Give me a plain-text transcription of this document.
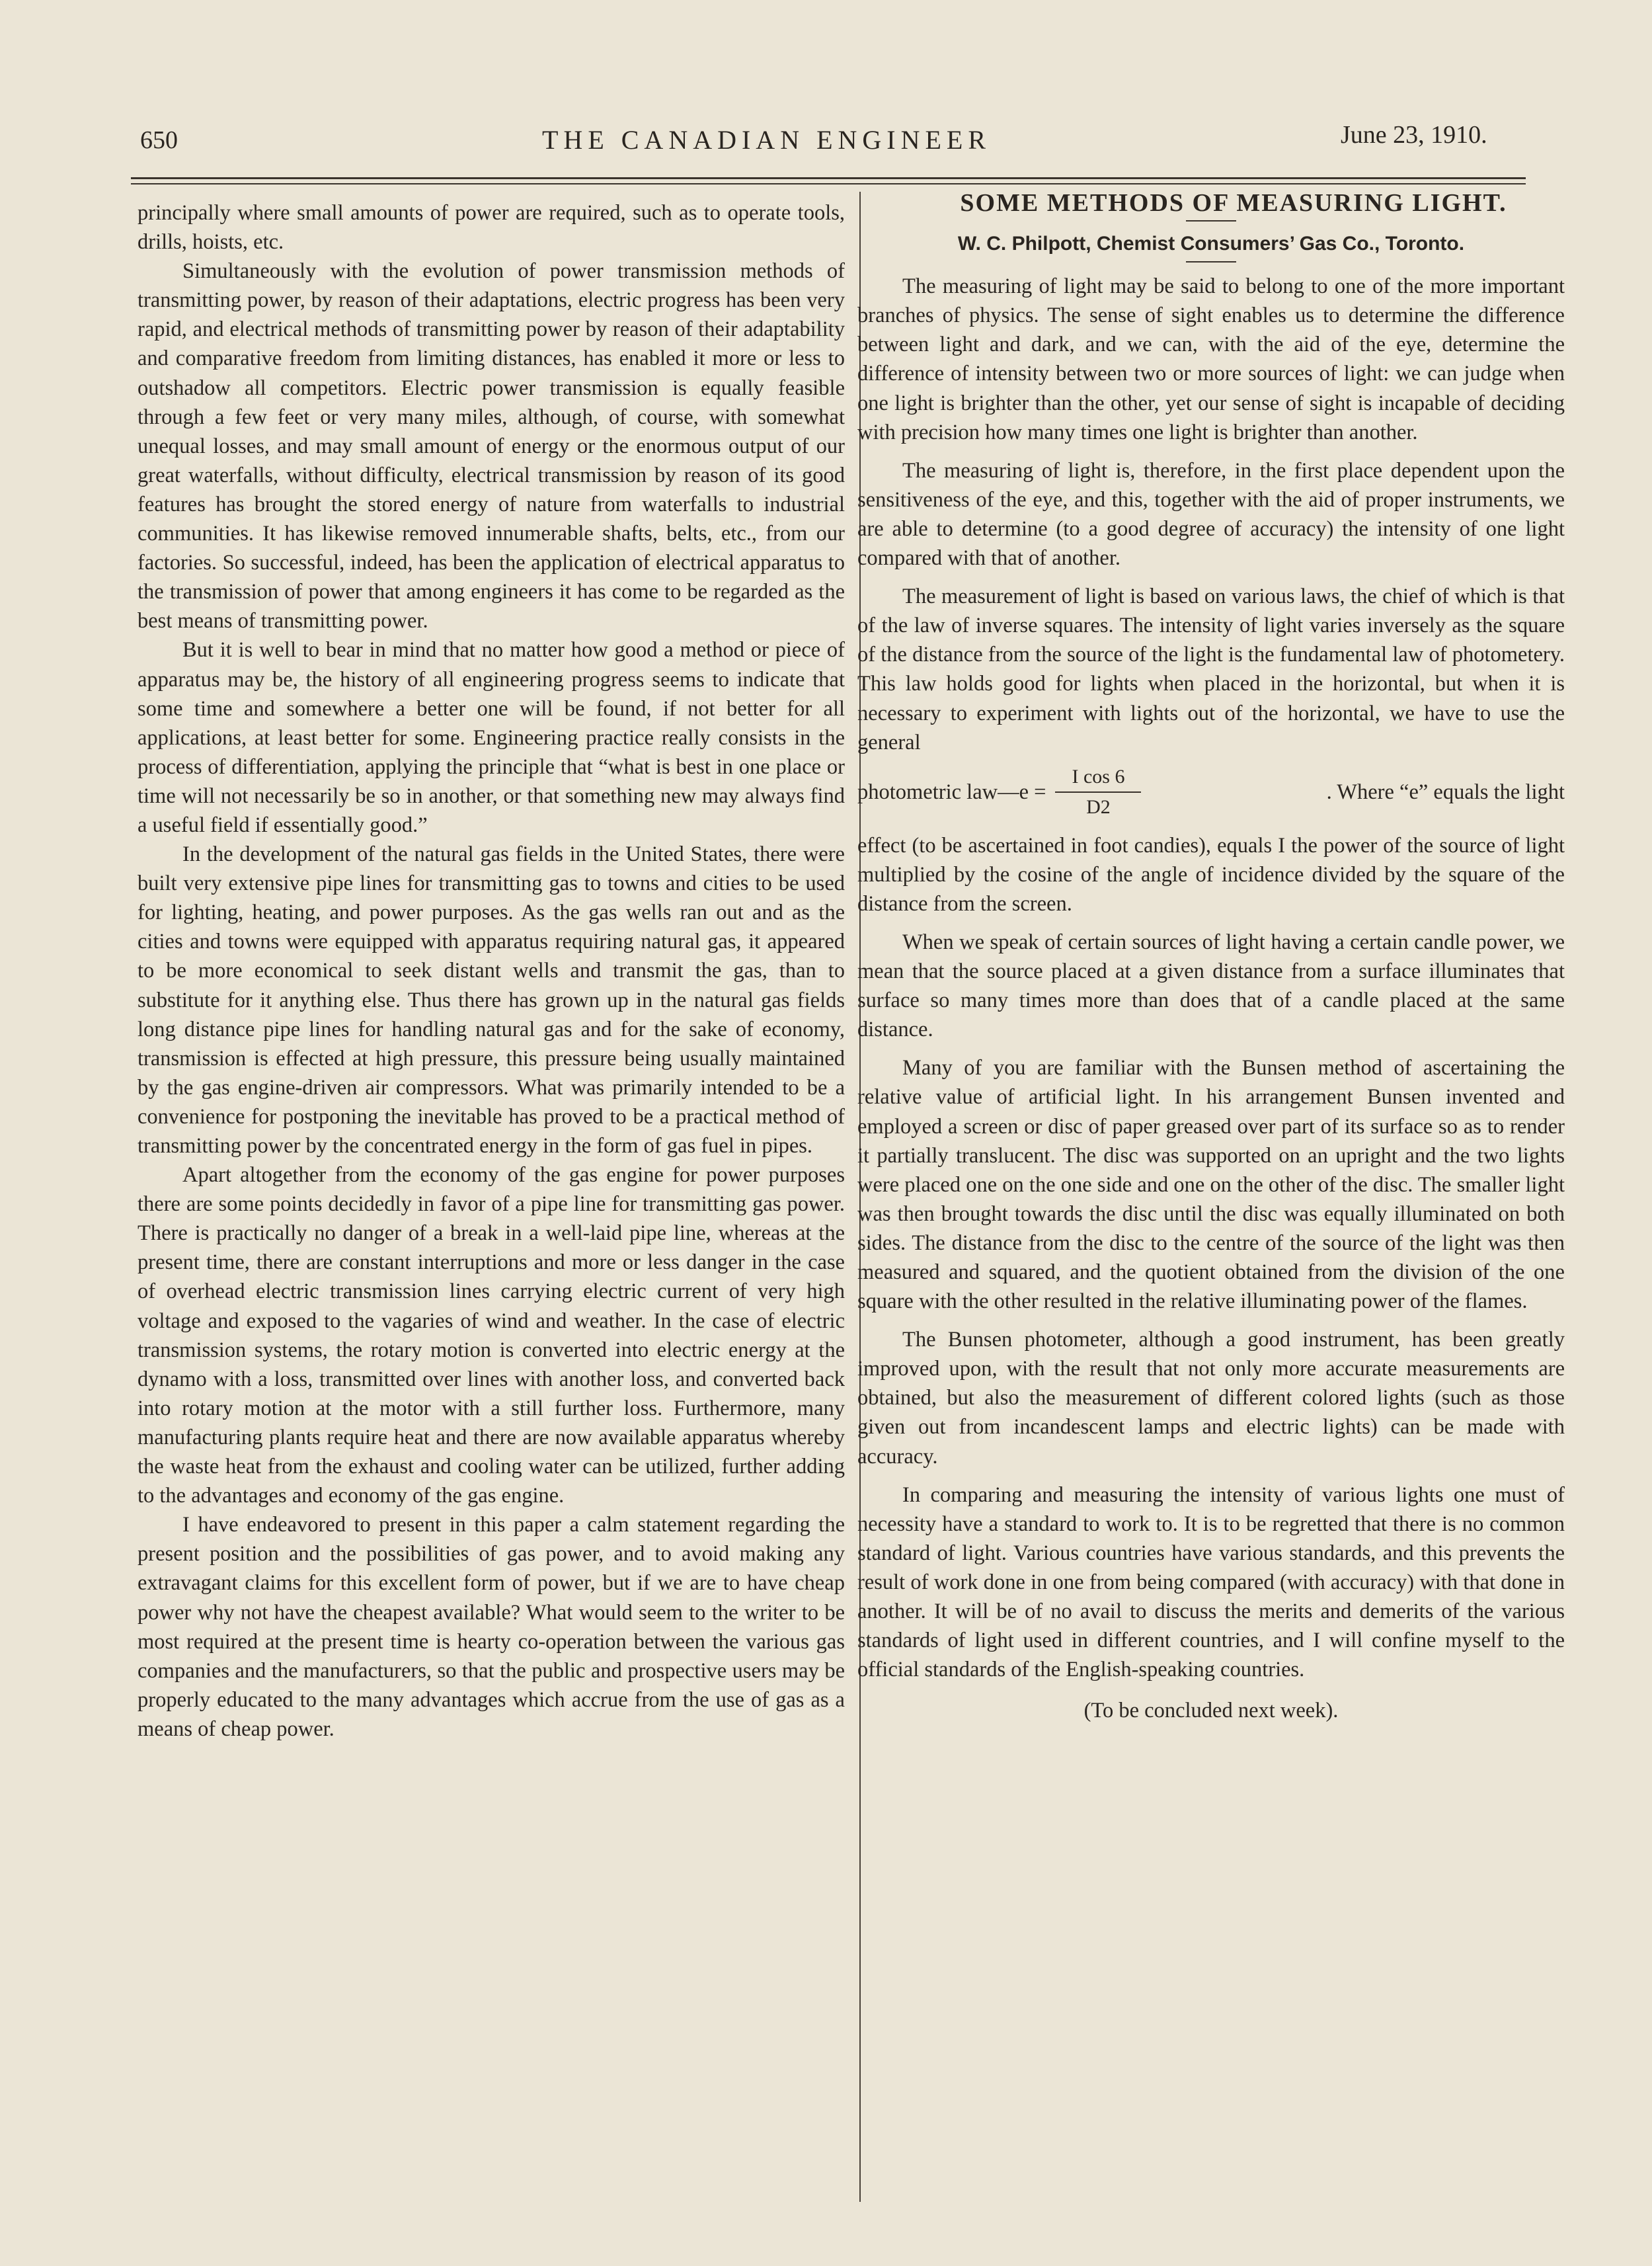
650	THE CANADIAN ENGINEER	June 23, 1910.

principally where small amounts of power are required, such as to operate tools, drills, hoists, etc.

Simultaneously with the evolution of power transmission methods of transmitting power, by reason of their adaptations, electric progress has been very rapid, and electrical methods of transmitting power by reason of their adaptability and comparative freedom from limiting distances, has enabled it more or less to outshadow all competitors. Electric power transmission is equally feasible through a few feet or very many miles, although, of course, with somewhat unequal losses, and may small amount of energy or the enormous output of our great waterfalls, without difficulty, electrical transmission by reason of its good features has brought the stored energy of nature from waterfalls to industrial communities. It has likewise removed innumerable shafts, belts, etc., from our factories. So successful, indeed, has been the application of electrical apparatus to the transmission of power that among engineers it has come to be regarded as the best means of transmitting power.

But it is well to bear in mind that no matter how good a method or piece of apparatus may be, the history of all engineering progress seems to indicate that some time and somewhere a better one will be found, if not better for all applications, at least better for some. Engineering practice really consists in the process of differentiation, applying the principle that “what is best in one place or time will not necessarily be so in another, or that something new may always find a useful field if essentially good.”

In the development of the natural gas fields in the United States, there were built very extensive pipe lines for transmitting gas to towns and cities to be used for lighting, heating, and power purposes. As the gas wells ran out and as the cities and towns were equipped with apparatus requiring natural gas, it appeared to be more economical to seek distant wells and transmit the gas, than to substitute for it anything else. Thus there has grown up in the natural gas fields long distance pipe lines for handling natural gas and for the sake of economy, transmission is effected at high pressure, this pressure being usually maintained by the gas engine-driven air compressors. What was primarily intended to be a convenience for postponing the inevitable has proved to be a practical method of transmitting power by the concentrated energy in the form of gas fuel in pipes.

Apart altogether from the economy of the gas engine for power purposes there are some points decidedly in favor of a pipe line for transmitting gas power. There is practically no danger of a break in a well-laid pipe line, whereas at the present time, there are constant interruptions and more or less danger in the case of overhead electric transmission lines carrying electric current of very high voltage and exposed to the vagaries of wind and weather. In the case of electric transmission systems, the rotary motion is converted into electric energy at the dynamo with a loss, transmitted over lines with another loss, and converted back into rotary motion at the motor with a still further loss. Furthermore, many manufacturing plants require heat and there are now available apparatus whereby the waste heat from the exhaust and cooling water can be utilized, further adding to the advantages and economy of the gas engine.

I have endeavored to present in this paper a calm statement regarding the present position and the possibilities of gas power, and to avoid making any extravagant claims for this excellent form of power, but if we are to have cheap power why not have the cheapest available? What would seem to the writer to be most required at the present time is hearty co-operation between the various gas companies and the manufacturers, so that the public and prospective users may be properly educated to the many advantages which accrue from the use of gas as a means of cheap power.

SOME METHODS OF MEASURING LIGHT.

W. C. Philpott, Chemist Consumers’ Gas Co., Toronto.

The measuring of light may be said to belong to one of the more important branches of physics. The sense of sight enables us to determine the difference between light and dark, and we can, with the aid of the eye, determine the difference of intensity between two or more sources of light: we can judge when one light is brighter than the other, yet our sense of sight is incapable of deciding with precision how many times one light is brighter than another.

The measuring of light is, therefore, in the first place dependent upon the sensitiveness of the eye, and this, together with the aid of proper instruments, we are able to determine (to a good degree of accuracy) the intensity of one light compared with that of another.

The measurement of light is based on various laws, the chief of which is that of the law of inverse squares. The intensity of light varies inversely as the square of the distance from the source of the light is the fundamental law of photometery. This law holds good for lights when placed in the horizontal, but when it is necessary to experiment with lights out of the horizontal, we have to use the general

photometric law—e = $\frac{\text{I cos 6}}{D2}$	. Where “e” equals the light

effect (to be ascertained in foot candies), equals I the power of the source of light multiplied by the cosine of the angle of incidence divided by the square of the distance from the screen.

When we speak of certain sources of light having a certain candle power, we mean that the source placed at a given distance from a surface illuminates that surface so many times more than does that of a candle placed at the same distance.

Many of you are familiar with the Bunsen method of ascertaining the relative value of artificial light. In his arrangement Bunsen invented and employed a screen or disc of paper greased over part of its surface so as to render it partially translucent. The disc was supported on an upright and the two lights were placed one on the one side and one on the other of the disc. The smaller light was then brought towards the disc until the disc was equally illuminated on both sides. The distance from the disc to the centre of the source of the light was then measured and squared, and the quotient obtained from the division of the one square with the other resulted in the relative illuminating power of the flames.

The Bunsen photometer, although a good instrument, has been greatly improved upon, with the result that not only more accurate measurements are obtained, but also the measurement of different colored lights (such as those given out from incandescent lamps and electric lights) can be made with accuracy.

In comparing and measuring the intensity of various lights one must of necessity have a standard to work to. It is to be regretted that there is no common standard of light. Various countries have various standards, and this prevents the result of work done in one from being compared (with accuracy) with that done in another. It will be of no avail to discuss the merits and demerits of the various standards of light used in different countries, and I will confine myself to the official standards of the English-speaking countries.

(To be concluded next week).
